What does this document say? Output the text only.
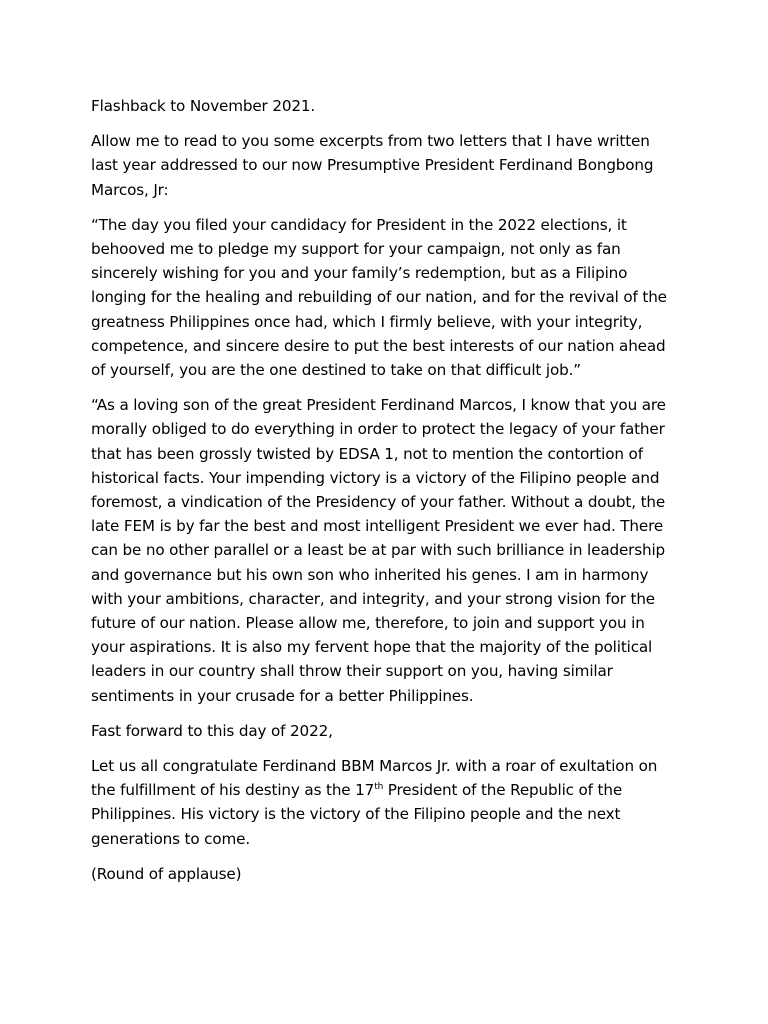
Flashback to November 2021.

Allow me to read to you some excerpts from two letters that I have written last year addressed to our now Presumptive President Ferdinand Bongbong Marcos, Jr:

“The day you filed your candidacy for President in the 2022 elections, it behooved me to pledge my support for your campaign, not only as fan sincerely wishing for you and your family’s redemption, but as a Filipino longing for the healing and rebuilding of our nation, and for the revival of the greatness Philippines once had, which I firmly believe, with your integrity, competence, and sincere desire to put the best interests of our nation ahead of yourself, you are the one destined to take on that difficult job.”

“As a loving son of the great President Ferdinand Marcos, I know that you are morally obliged to do everything in order to protect the legacy of your father that has been grossly twisted by EDSA 1, not to mention the contortion of historical facts. Your impending victory is a victory of the Filipino people and foremost, a vindication of the Presidency of your father. Without a doubt, the late FEM is by far the best and most intelligent President we ever had. There can be no other parallel or a least be at par with such brilliance in leadership and governance but his own son who inherited his genes. I am in harmony with your ambitions, character, and integrity, and your strong vision for the future of our nation. Please allow me, therefore, to join and support you in your aspirations. It is also my fervent hope that the majority of the political leaders in our country shall throw their support on you, having similar sentiments in your crusade for a better Philippines.

Fast forward to this day of 2022,

Let us all congratulate Ferdinand BBM Marcos Jr. with a roar of exultation on the fulfillment of his destiny as the 17th President of the Republic of the Philippines. His victory is the victory of the Filipino people and the next generations to come.

(Round of applause)
